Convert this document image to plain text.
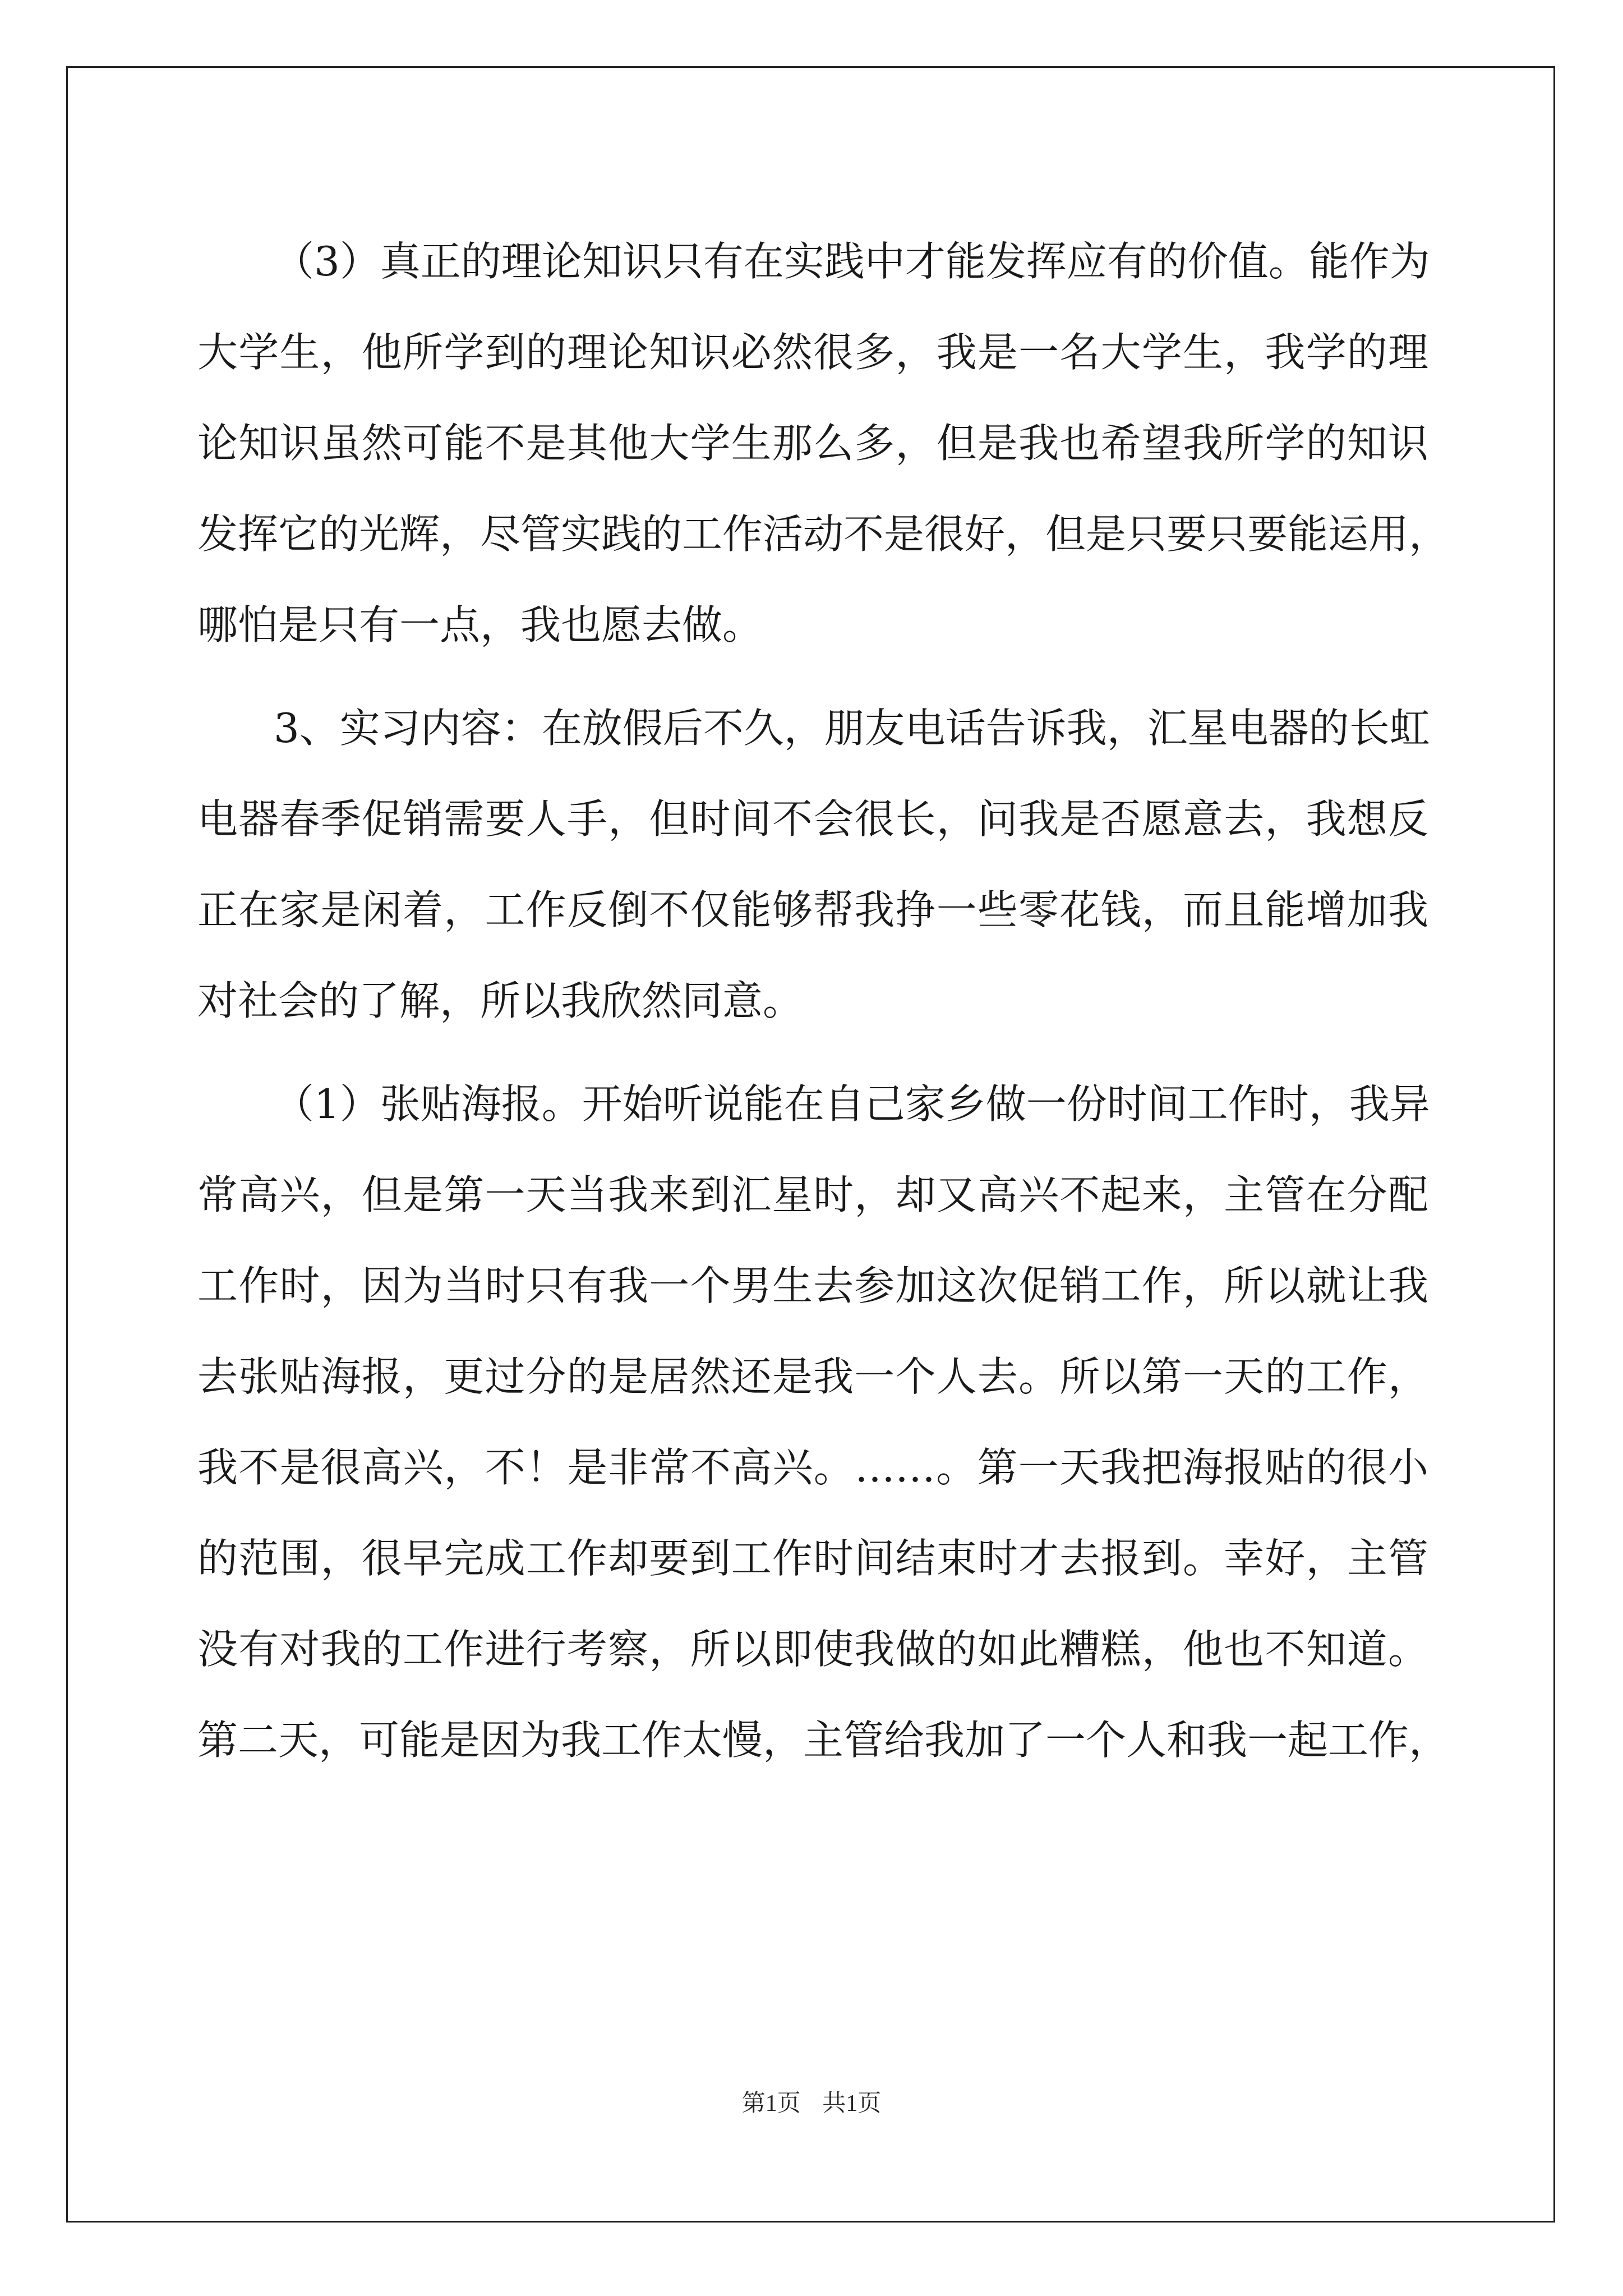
（3）真正的理论知识只有在实践中才能发挥应有的价值。能作为
大学生，他所学到的理论知识必然很多，我是一名大学生，我学的理
论知识虽然可能不是其他大学生那么多，但是我也希望我所学的知识
发挥它的光辉，尽管实践的工作活动不是很好，但是只要只要能运用，
哪怕是只有一点，我也愿去做。
3、实习内容：在放假后不久，朋友电话告诉我，汇星电器的长虹
电器春季促销需要人手，但时间不会很长，问我是否愿意去，我想反
正在家是闲着，工作反倒不仅能够帮我挣一些零花钱，而且能增加我
对社会的了解，所以我欣然同意。
（1）张贴海报。开始听说能在自己家乡做一份时间工作时，我异
常高兴，但是第一天当我来到汇星时，却又高兴不起来，主管在分配
工作时，因为当时只有我一个男生去参加这次促销工作，所以就让我
去张贴海报，更过分的是居然还是我一个人去。所以第一天的工作，
我不是很高兴，不！是非常不高兴。……。第一天我把海报贴的很小
的范围，很早完成工作却要到工作时间结束时才去报到。幸好，主管
没有对我的工作进行考察，所以即使我做的如此糟糕，他也不知道。
第二天，可能是因为我工作太慢，主管给我加了一个人和我一起工作，
第1页 共1页
